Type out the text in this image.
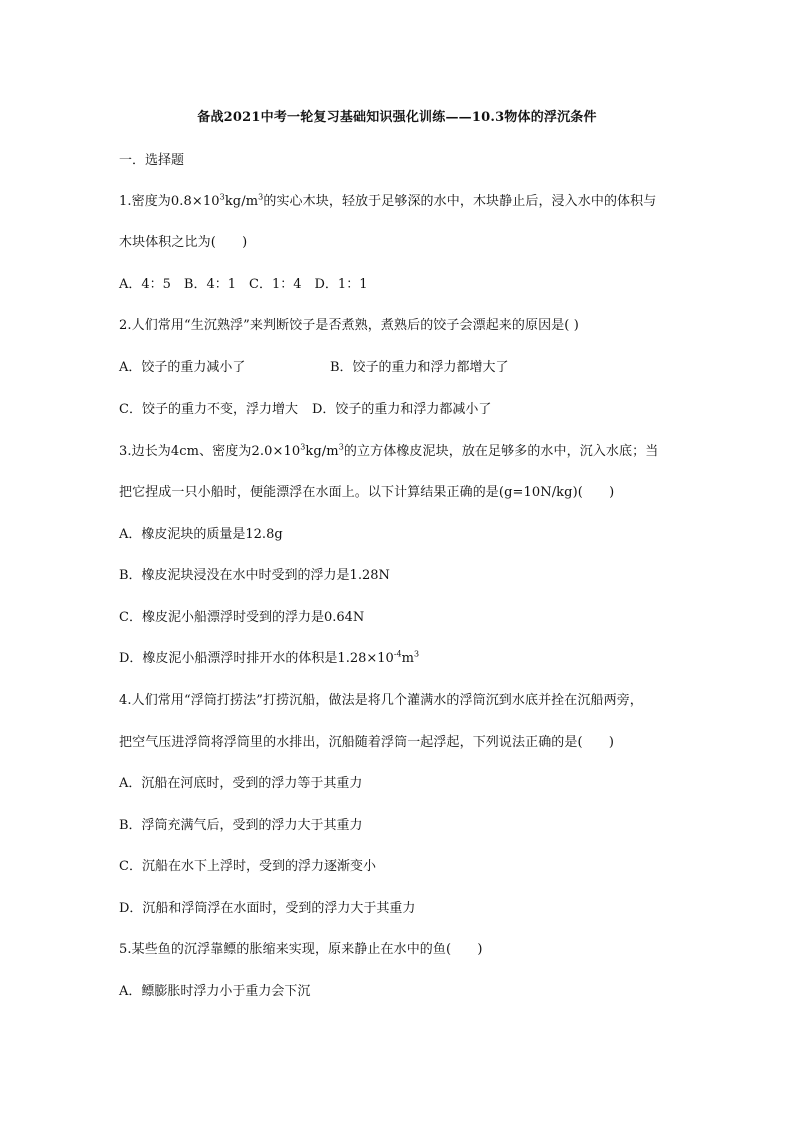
备战2021中考一轮复习基础知识强化训练——10.3物体的浮沉条件
一．选择题
1.密度为$0.8\times 10^3kg/m^3$的实心木块，轻放于足够深的水中，木块静止后，浸入水中的体积与
木块体积之比为(　　)
A．4：5　B．4：1　C．1：4　D．1：1
2.人们常用“生沉熟浮”来判断饺子是否煮熟，煮熟后的饺子会漂起来的原因是( )
A．饺子的重力减小了	B．饺子的重力和浮力都增大了
C．饺子的重力不变，浮力增大 D．饺子的重力和浮力都减小了
3.边长为4cm、密度为$2.0\times 10^3kg/m^3$的立方体橡皮泥块，放在足够多的水中，沉入水底；当
把它捏成一只小船时，便能漂浮在水面上。以下计算结果正确的是(g=10N/kg)(　　)
A．橡皮泥块的质量是12.8g
B．橡皮泥块浸没在水中时受到的浮力是1.28N
C．橡皮泥小船漂浮时受到的浮力是0.64N
D．橡皮泥小船漂浮时排开水的体积是$1.28\times 10^{-4}m^3$
4.人们常用“浮筒打捞法”打捞沉船，做法是将几个灌满水的浮筒沉到水底并拴在沉船两旁，
把空气压进浮筒将浮筒里的水排出，沉船随着浮筒一起浮起，下列说法正确的是(　　)
A．沉船在河底时，受到的浮力等于其重力
B．浮筒充满气后，受到的浮力大于其重力
C．沉船在水下上浮时，受到的浮力逐渐变小
D．沉船和浮筒浮在水面时，受到的浮力大于其重力
5.某些鱼的沉浮靠鳔的胀缩来实现，原来静止在水中的鱼(　　)
A．鳔膨胀时浮力小于重力会下沉
